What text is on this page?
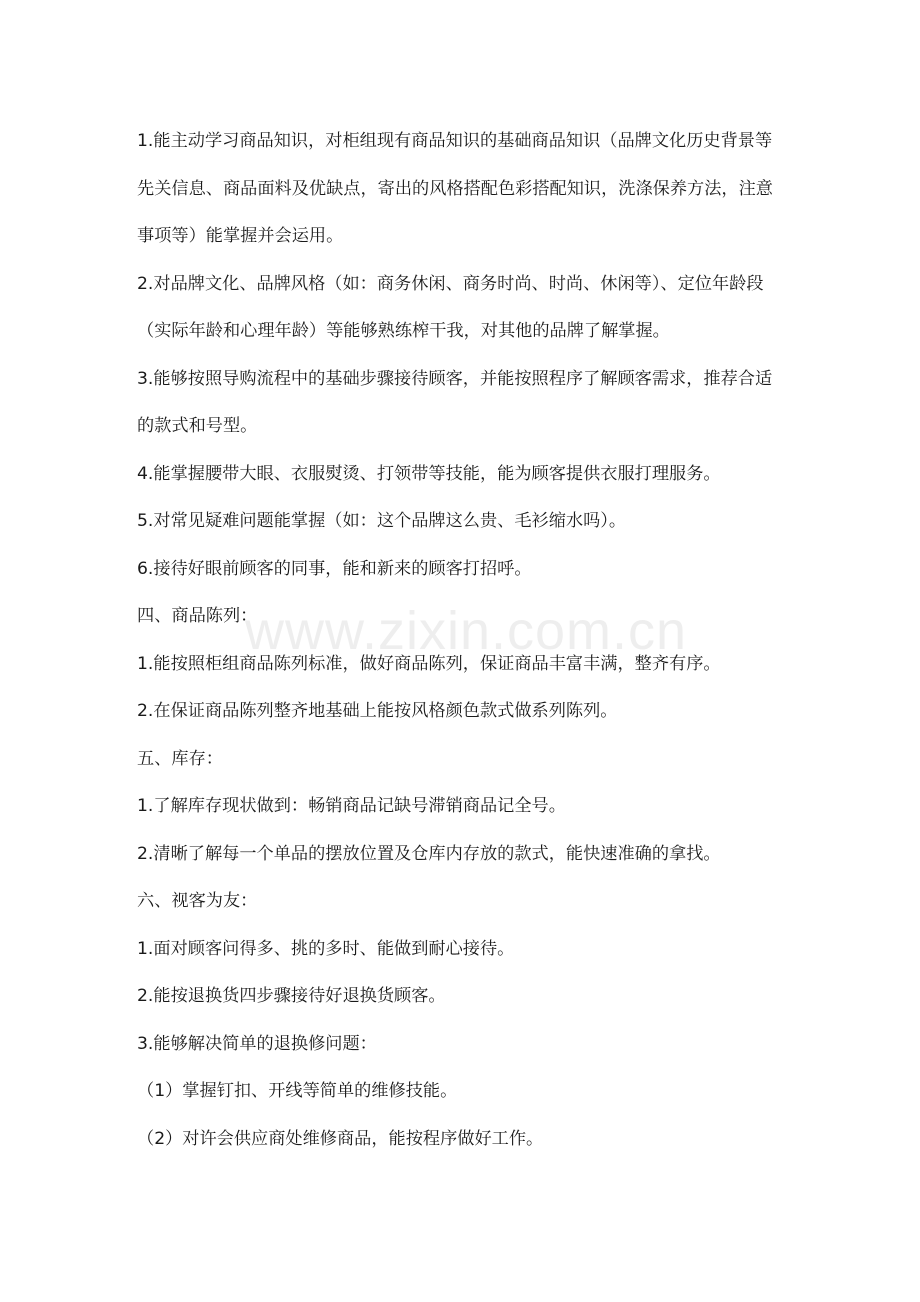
1.能主动学习商品知识，对柜组现有商品知识的基础商品知识（品牌文化历史背景等先关信息、商品面料及优缺点，寄出的风格搭配色彩搭配知识，洗涤保养方法，注意事项等）能掌握并会运用。

2.对品牌文化、品牌风格（如：商务休闲、商务时尚、时尚、休闲等）、定位年龄段（实际年龄和心理年龄）等能够熟练榨干我，对其他的品牌了解掌握。

3.能够按照导购流程中的基础步骤接待顾客，并能按照程序了解顾客需求，推荐合适的款式和号型。

4.能掌握腰带大眼、衣服熨烫、打领带等技能，能为顾客提供衣服打理服务。

5.对常见疑难问题能掌握（如：这个品牌这么贵、毛衫缩水吗）。

6.接待好眼前顾客的同事，能和新来的顾客打招呼。

四、商品陈列：

1.能按照柜组商品陈列标准，做好商品陈列，保证商品丰富丰满，整齐有序。

2.在保证商品陈列整齐地基础上能按风格颜色款式做系列陈列。

五、库存：

1.了解库存现状做到：畅销商品记缺号滞销商品记全号。

2.清晰了解每一个单品的摆放位置及仓库内存放的款式，能快速准确的拿找。

六、视客为友：

1.面对顾客问得多、挑的多时、能做到耐心接待。

2.能按退换货四步骤接待好退换货顾客。

3.能够解决简单的退换修问题：

（1）掌握钉扣、开线等简单的维修技能。

（2）对许会供应商处维修商品，能按程序做好工作。

www.zixin.com.cn
